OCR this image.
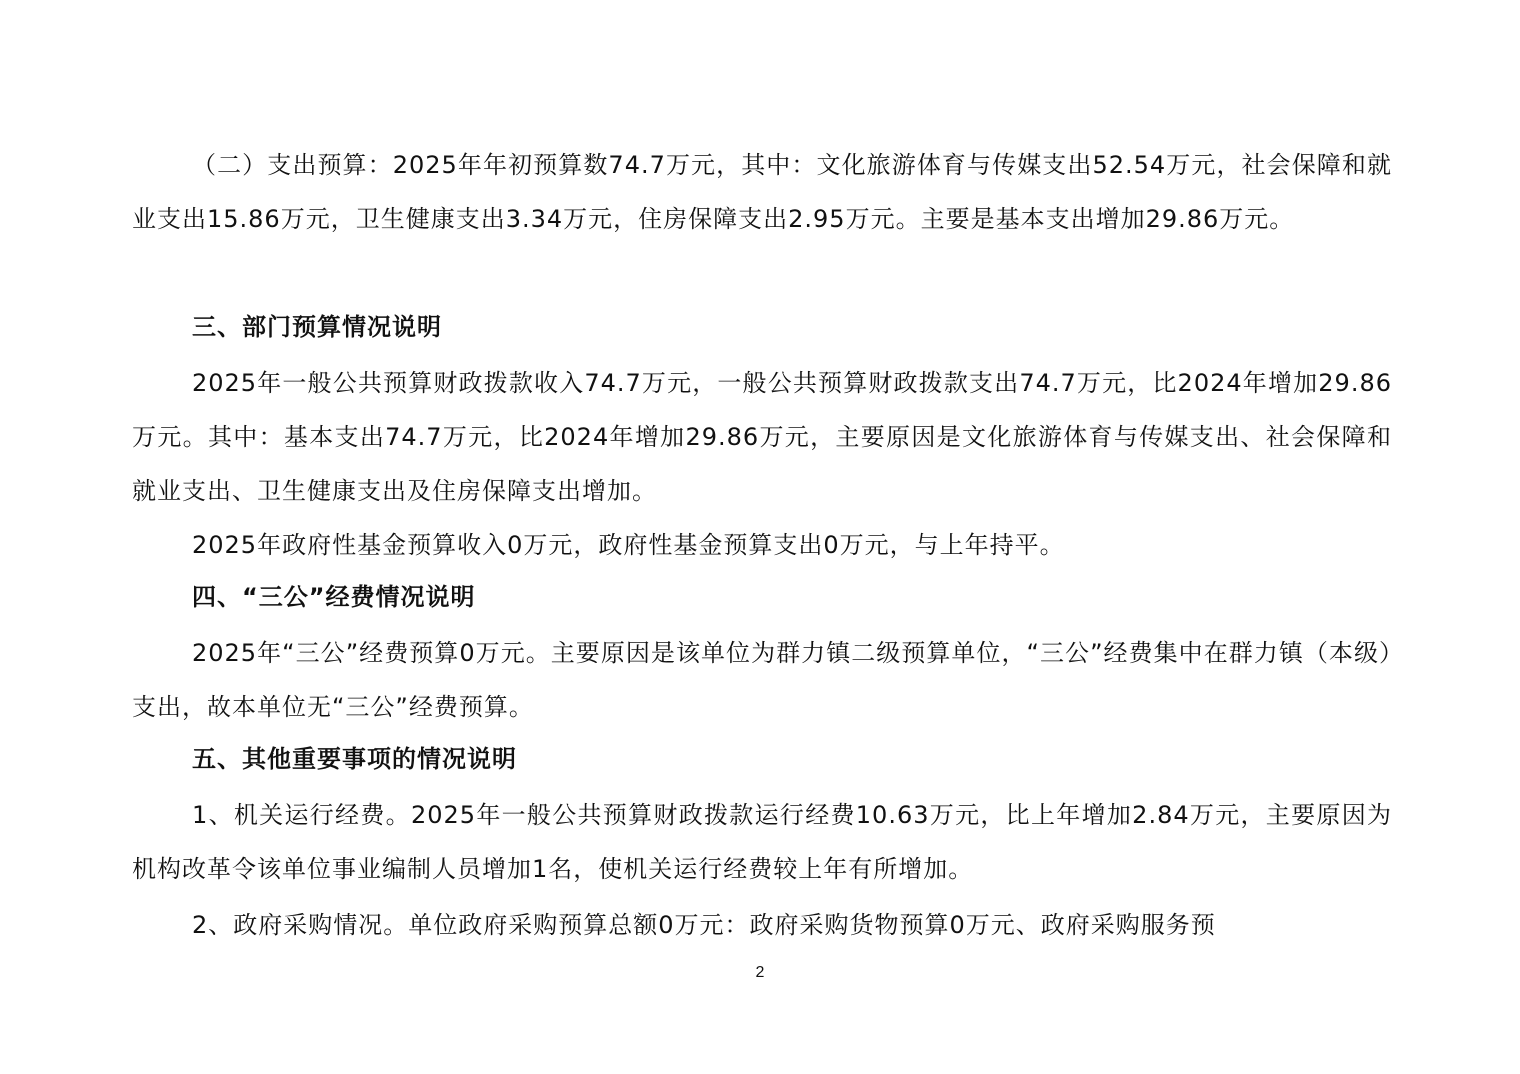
（二）支出预算：2025年年初预算数74.7万元，其中：文化旅游体育与传媒支出52.54万元，社会保障和就业支出15.86万元，卫生健康支出3.34万元，住房保障支出2.95万元。主要是基本支出增加29.86万元。

三、部门预算情况说明

2025年一般公共预算财政拨款收入74.7万元，一般公共预算财政拨款支出74.7万元，比2024年增加29.86万元。其中：基本支出74.7万元，比2024年增加29.86万元，主要原因是文化旅游体育与传媒支出、社会保障和就业支出、卫生健康支出及住房保障支出增加。

2025年政府性基金预算收入0万元，政府性基金预算支出0万元，与上年持平。

四、“三公”经费情况说明

2025年“三公”经费预算0万元。主要原因是该单位为群力镇二级预算单位，“三公”经费集中在群力镇（本级）支出，故本单位无“三公”经费预算。

五、其他重要事项的情况说明

1、机关运行经费。2025年一般公共预算财政拨款运行经费10.63万元，比上年增加2.84万元，主要原因为机构改革令该单位事业编制人员增加1名，使机关运行经费较上年有所增加。

2、政府采购情况。单位政府采购预算总额0万元：政府采购货物预算0万元、政府采购服务预

2
